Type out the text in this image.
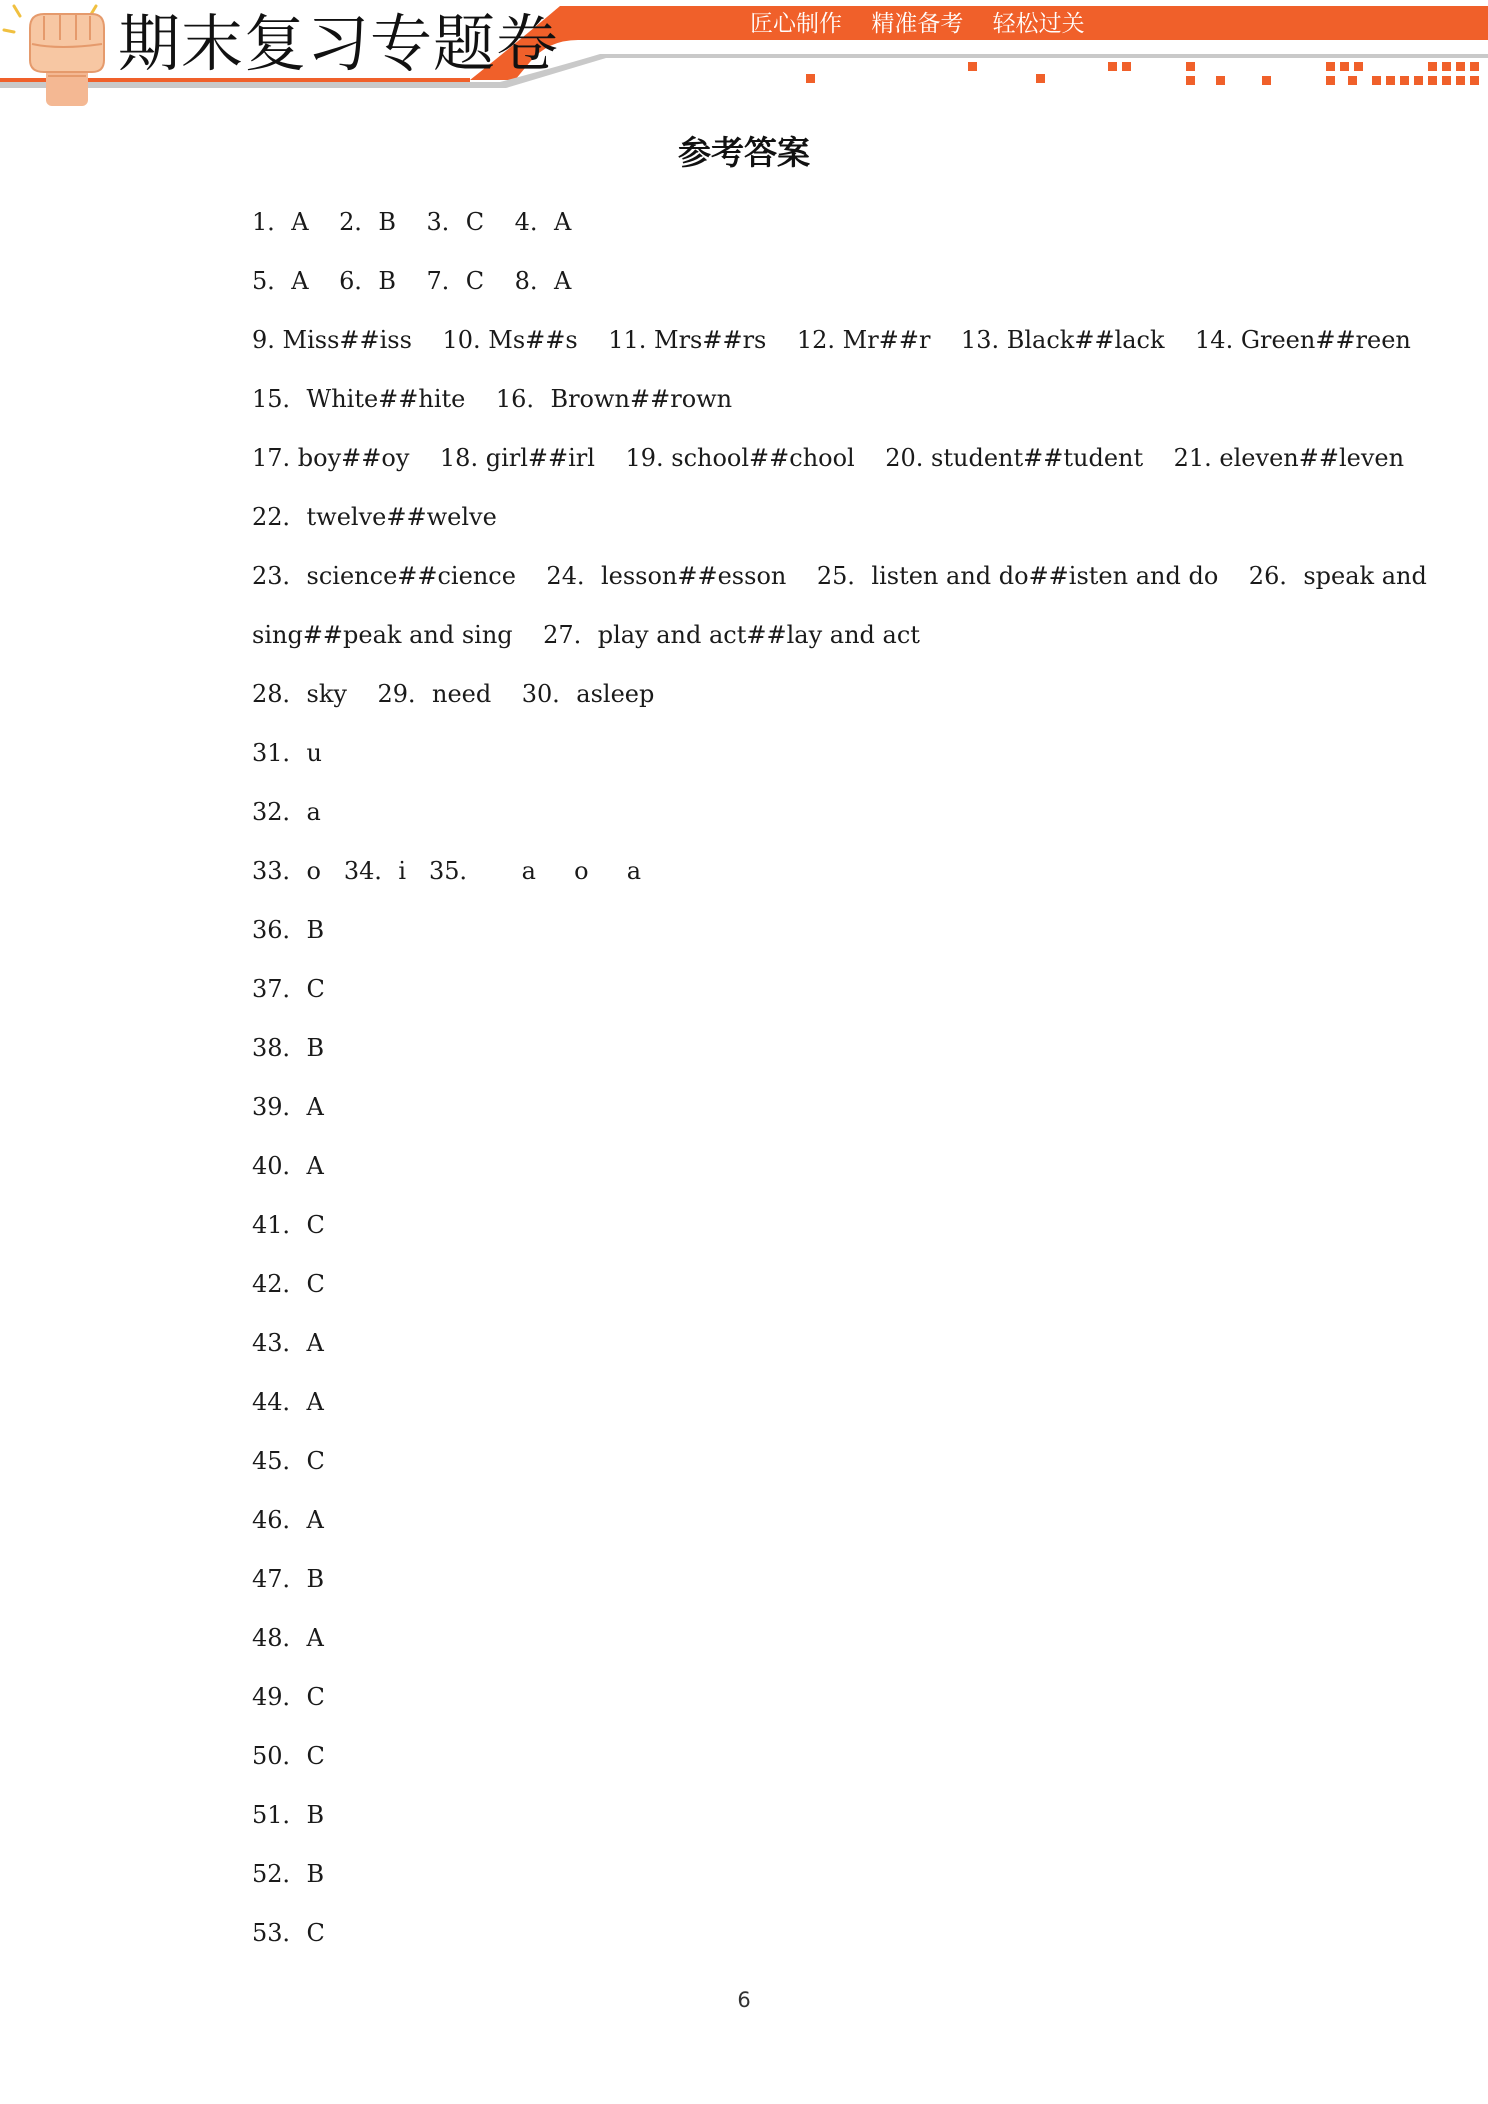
期末复习专题卷	匠心制作 精准备考 轻松过关
参考答案
1．A    2．B    3．C    4．A
5．A    6．B    7．C    8．A
9. Miss##iss    10. Ms##s    11. Mrs##rs    12. Mr##r    13. Black##lack    14. Green##reen
15．White##hite    16．Brown##rown
17. boy##oy    18. girl##irl    19. school##chool    20. student##tudent    21. eleven##leven
22．twelve##welve
23．science##cience    24．lesson##esson    25．listen and do##isten and do    26．speak and
sing##peak and sing    27．play and act##lay and act
28．sky    29．need    30．asleep
31．u
32．a
33．o   34．i   35．     a     o     a
36．B
37．C
38．B
39．A
40．A
41．C
42．C
43．A
44．A
45．C
46．A
47．B
48．A
49．C
50．C
51．B
52．B
53．C
6
